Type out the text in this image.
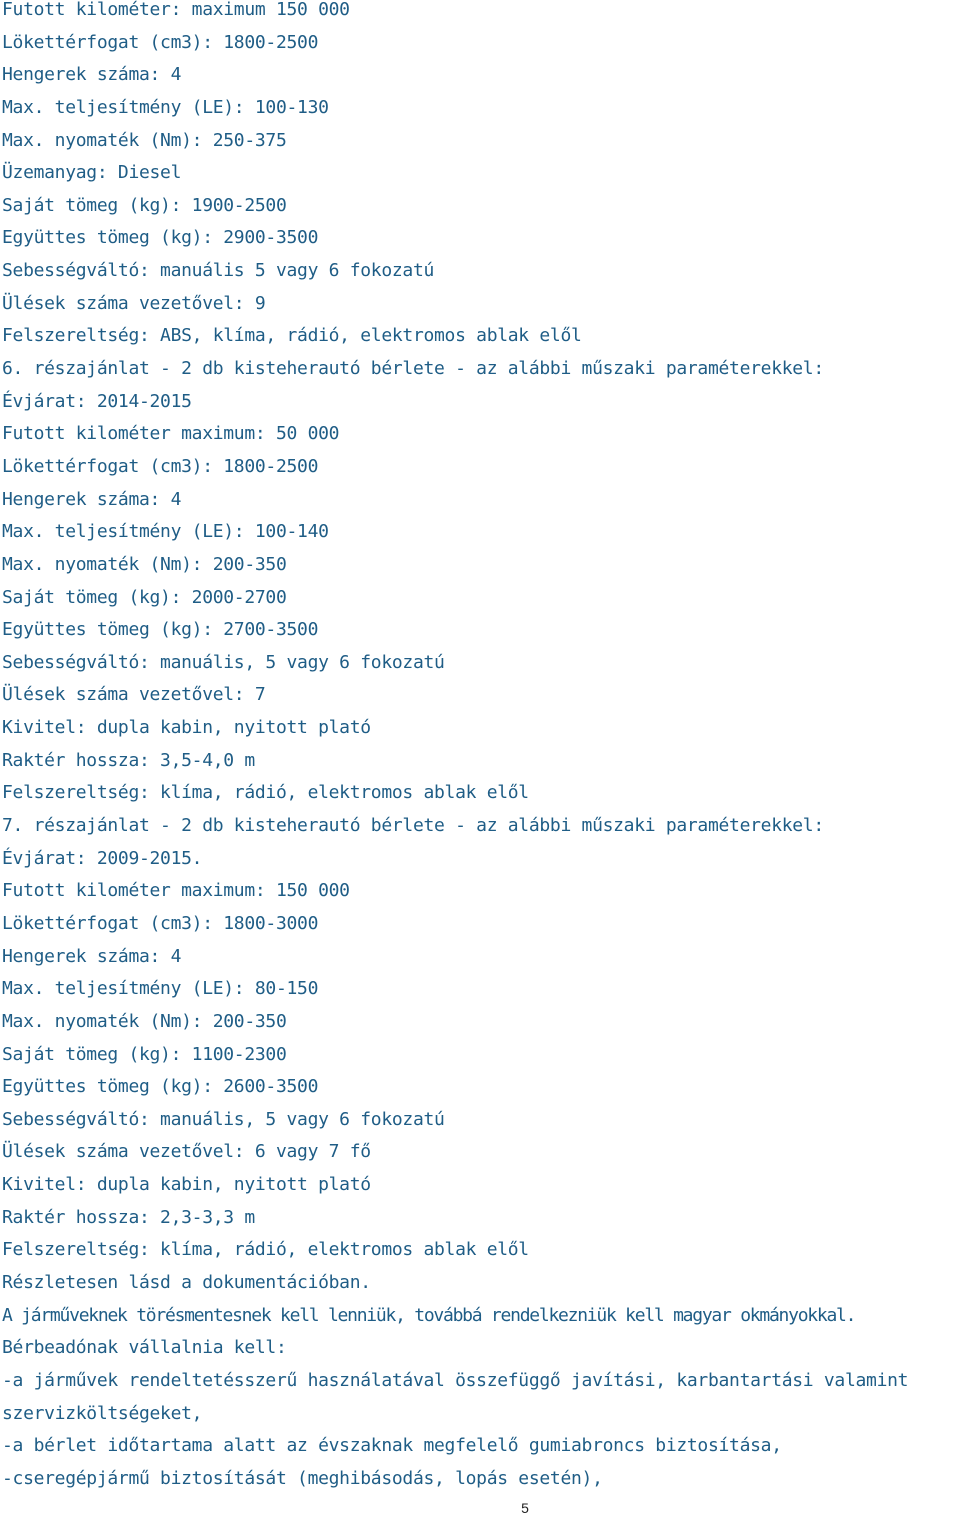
Futott kilométer: maximum 150 000
Lökettérfogat (cm3): 1800-2500
Hengerek száma: 4
Max. teljesítmény (LE): 100-130
Max. nyomaték (Nm): 250-375
Üzemanyag: Diesel
Saját tömeg (kg): 1900-2500
Együttes tömeg (kg): 2900-3500
Sebességváltó: manuális 5 vagy 6 fokozatú
Ülések száma vezetővel: 9
Felszereltség: ABS, klíma, rádió, elektromos ablak elől
6. részajánlat - 2 db kisteherautó bérlete - az alábbi műszaki paraméterekkel:
Évjárat: 2014-2015
Futott kilométer maximum: 50 000
Lökettérfogat (cm3): 1800-2500
Hengerek száma: 4
Max. teljesítmény (LE): 100-140
Max. nyomaték (Nm): 200-350
Saját tömeg (kg): 2000-2700
Együttes tömeg (kg): 2700-3500
Sebességváltó: manuális, 5 vagy 6 fokozatú
Ülések száma vezetővel: 7
Kivitel: dupla kabin, nyitott plató
Raktér hossza: 3,5-4,0 m
Felszereltség: klíma, rádió, elektromos ablak elől
7. részajánlat - 2 db kisteherautó bérlete - az alábbi műszaki paraméterekkel:
Évjárat: 2009-2015.
Futott kilométer maximum: 150 000
Lökettérfogat (cm3): 1800-3000
Hengerek száma: 4
Max. teljesítmény (LE): 80-150
Max. nyomaték (Nm): 200-350
Saját tömeg (kg): 1100-2300
Együttes tömeg (kg): 2600-3500
Sebességváltó: manuális, 5 vagy 6 fokozatú
Ülések száma vezetővel: 6 vagy 7 fő
Kivitel: dupla kabin, nyitott plató
Raktér hossza: 2,3-3,3 m
Felszereltség: klíma, rádió, elektromos ablak elől
Részletesen lásd a dokumentációban.
A járműveknek törésmentesnek kell lenniük, továbbá rendelkezniük kell magyar okmányokkal.
Bérbeadónak vállalnia kell:
-a járművek rendeltetésszerű használatával összefüggő javítási, karbantartási valamint
szervizköltségeket,
-a bérlet időtartama alatt az évszaknak megfelelő gumiabroncs biztosítása,
-cseregépjármű biztosítását (meghibásodás, lopás esetén),
5
